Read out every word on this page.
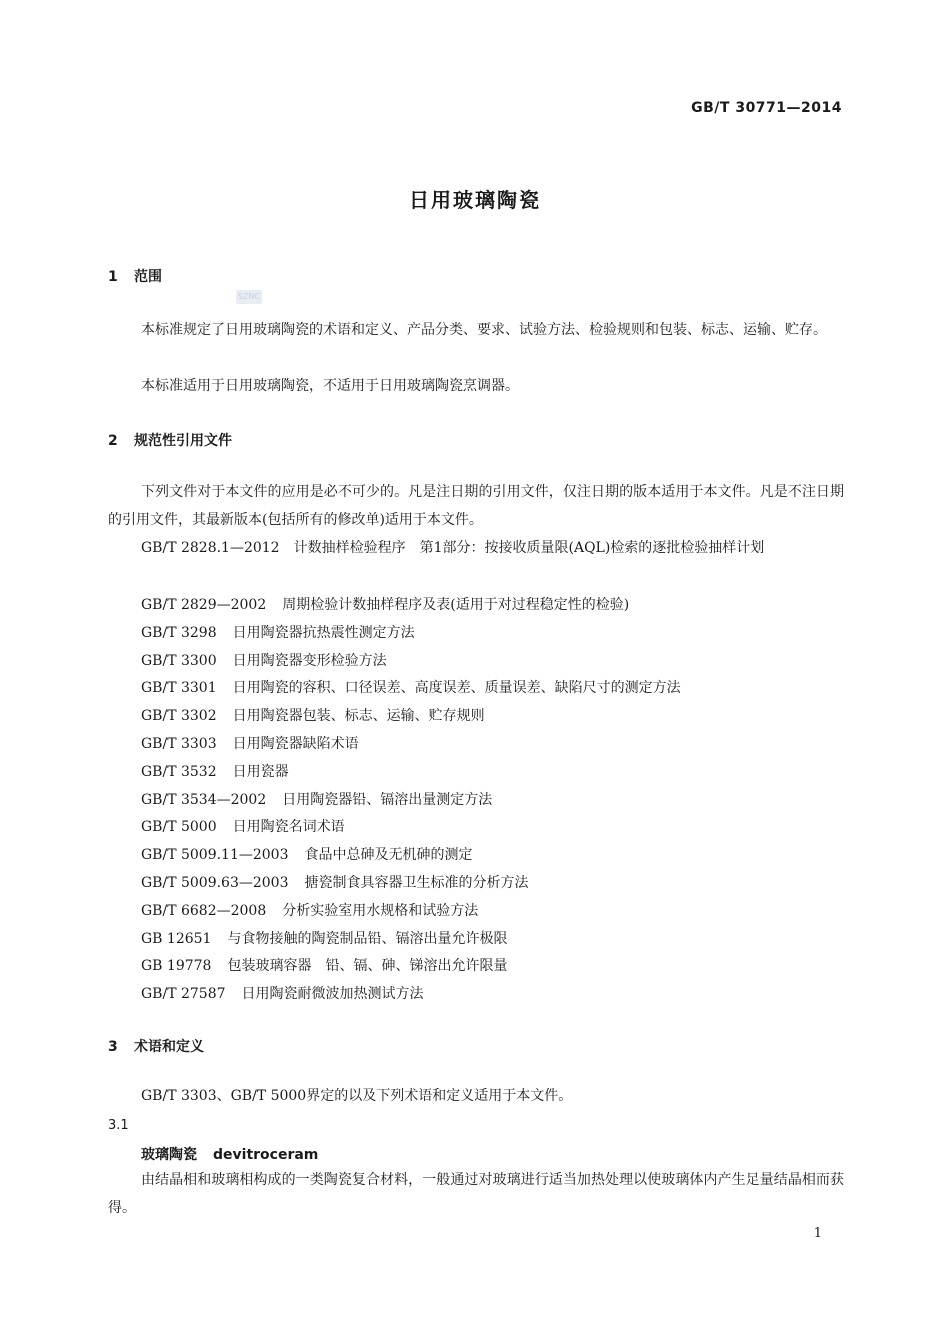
GB/T 30771—2014
日用玻璃陶瓷
1 范围
SZNC
本标准规定了日用玻璃陶瓷的术语和定义、产品分类、要求、试验方法、检验规则和包装、标志、运输、贮存。
本标准适用于日用玻璃陶瓷，不适用于日用玻璃陶瓷烹调器。
2 规范性引用文件
下列文件对于本文件的应用是必不可少的。凡是注日期的引用文件，仅注日期的版本适用于本文件。凡是不注日期的引用文件，其最新版本(包括所有的修改单)适用于本文件。
GB/T 2828.1—2012　计数抽样检验程序　第1部分：按接收质量限(AQL)检索的逐批检验抽样计划
GB/T 2829—2002 周期检验计数抽样程序及表(适用于对过程稳定性的检验)
GB/T 3298 日用陶瓷器抗热震性测定方法
GB/T 3300 日用陶瓷器变形检验方法
GB/T 3301 日用陶瓷的容积、口径误差、高度误差、质量误差、缺陷尺寸的测定方法
GB/T 3302 日用陶瓷器包装、标志、运输、贮存规则
GB/T 3303 日用陶瓷器缺陷术语
GB/T 3532 日用瓷器
GB/T 3534—2002 日用陶瓷器铅、镉溶出量测定方法
GB/T 5000 日用陶瓷名词术语
GB/T 5009.11—2003 食品中总砷及无机砷的测定
GB/T 5009.63—2003 搪瓷制食具容器卫生标准的分析方法
GB/T 6682—2008 分析实验室用水规格和试验方法
GB 12651 与食物接触的陶瓷制品铅、镉溶出量允许极限
GB 19778 包装玻璃容器　铅、镉、砷、锑溶出允许限量
GB/T 27587 日用陶瓷耐微波加热测试方法
3 术语和定义
GB/T 3303、GB/T 5000界定的以及下列术语和定义适用于本文件。
3.1
玻璃陶瓷 devitroceram
由结晶相和玻璃相构成的一类陶瓷复合材料，一般通过对玻璃进行适当加热处理以使玻璃体内产生足量结晶相而获得。
1
